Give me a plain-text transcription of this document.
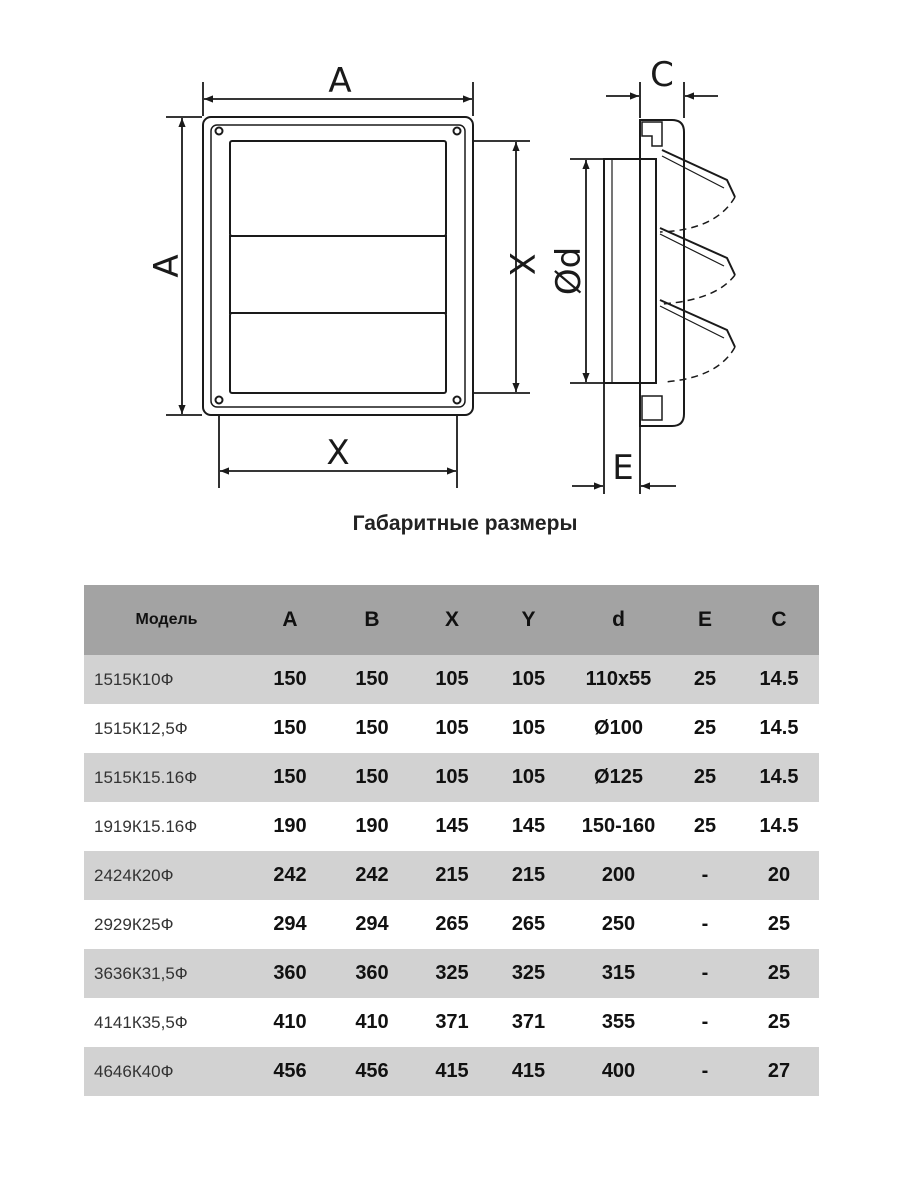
A
A	X
X
C
Ød
E
Габаритные размеры
Модель	A	B	X	Y	d	E	C
1515К10Ф	150	150	105	105	110x55	25	14.5
1515К12,5Ф	150	150	105	105	Ø100	25	14.5
1515К15.16Ф	150	150	105	105	Ø125	25	14.5
1919К15.16Ф	190	190	145	145	150-160	25	14.5
2424К20Ф	242	242	215	215	200	-	20
2929К25Ф	294	294	265	265	250	-	25
3636К31,5Ф	360	360	325	325	315	-	25
4141К35,5Ф	410	410	371	371	355	-	25
4646К40Ф	456	456	415	415	400	-	27
